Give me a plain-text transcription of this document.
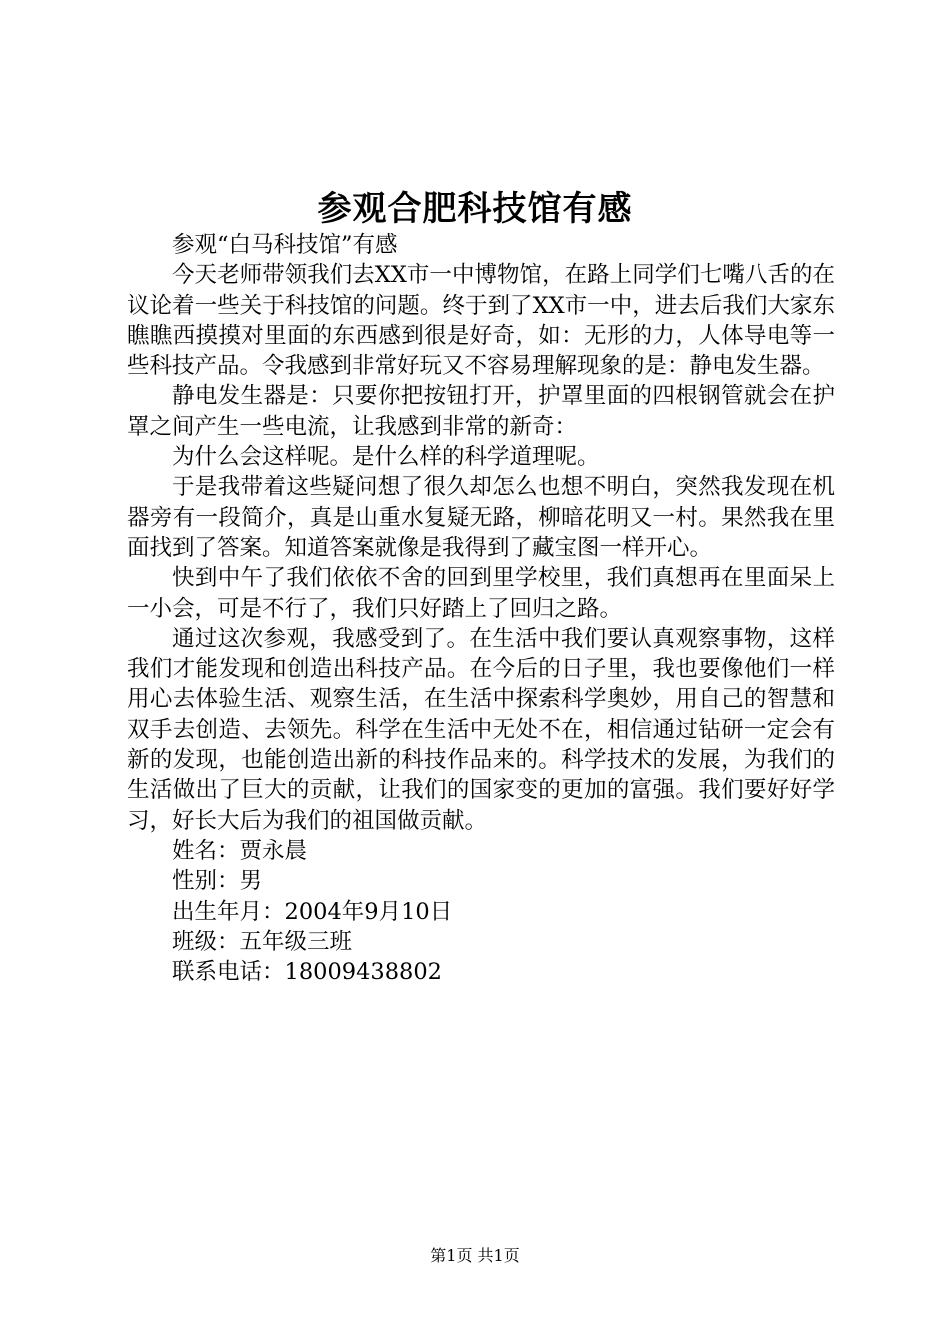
参观合肥科技馆有感

参观“白马科技馆”有感

今天老师带领我们去XX市一中博物馆，在路上同学们七嘴八舌的在议论着一些关于科技馆的问题。终于到了XX市一中，进去后我们大家东瞧瞧西摸摸对里面的东西感到很是好奇，如：无形的力，人体导电等一些科技产品。令我感到非常好玩又不容易理解现象的是：静电发生器。

静电发生器是：只要你把按钮打开，护罩里面的四根钢管就会在护罩之间产生一些电流，让我感到非常的新奇：

为什么会这样呢。是什么样的科学道理呢。

于是我带着这些疑问想了很久却怎么也想不明白，突然我发现在机器旁有一段简介，真是山重水复疑无路，柳暗花明又一村。果然我在里面找到了答案。知道答案就像是我得到了藏宝图一样开心。

快到中午了我们依依不舍的回到里学校里，我们真想再在里面呆上一小会，可是不行了，我们只好踏上了回归之路。

通过这次参观，我感受到了。在生活中我们要认真观察事物，这样我们才能发现和创造出科技产品。在今后的日子里，我也要像他们一样用心去体验生活、观察生活，在生活中探索科学奥妙，用自己的智慧和双手去创造、去领先。科学在生活中无处不在，相信通过钻研一定会有新的发现，也能创造出新的科技作品来的。科学技术的发展，为我们的生活做出了巨大的贡献，让我们的国家变的更加的富强。我们要好好学习，好长大后为我们的祖国做贡献。

姓名：贾永晨

性别：男

出生年月：2004年9月10日

班级：五年级三班

联系电话：18009438802

第1页 共1页
